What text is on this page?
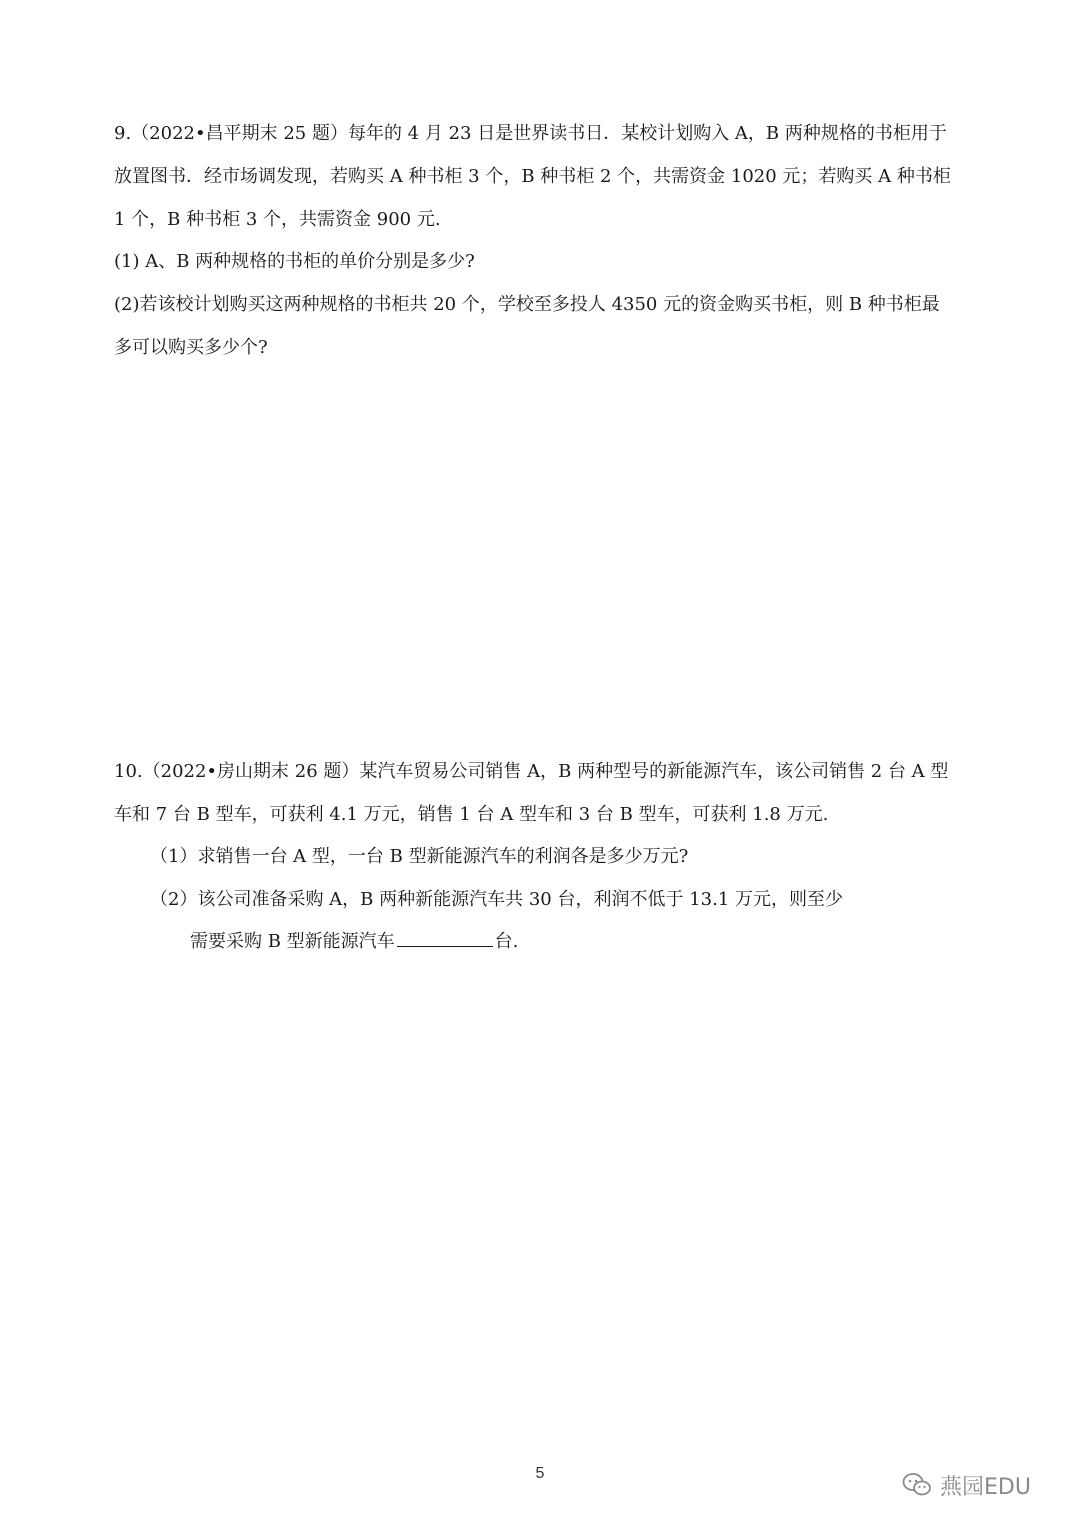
9.（2022•昌平期末 25 题）每年的 4 月 23 日是世界读书日．某校计划购入 A，B 两种规格的书柜用于
放置图书．经市场调发现，若购买 A 种书柜 3 个，B 种书柜 2 个，共需资金 1020 元；若购买 A 种书柜
1 个，B 种书柜 3 个，共需资金 900 元.
(1) A、B 两种规格的书柜的单价分别是多少?
(2)若该校计划购买这两种规格的书柜共 20 个，学校至多投人 4350 元的资金购买书柜，则 B 种书柜最
多可以购买多少个?
10.（2022•房山期末 26 题）某汽车贸易公司销售 A，B 两种型号的新能源汽车，该公司销售 2 台 A 型
车和 7 台 B 型车，可获利 4.1 万元，销售 1 台 A 型车和 3 台 B 型车，可获利 1.8 万元.
（1）求销售一台 A 型，一台 B 型新能源汽车的利润各是多少万元?
（2）该公司准备采购 A，B 两种新能源汽车共 30 台，利润不低于 13.1 万元，则至少
需要采购 B 型新能源汽车	台.
5
燕园EDU
